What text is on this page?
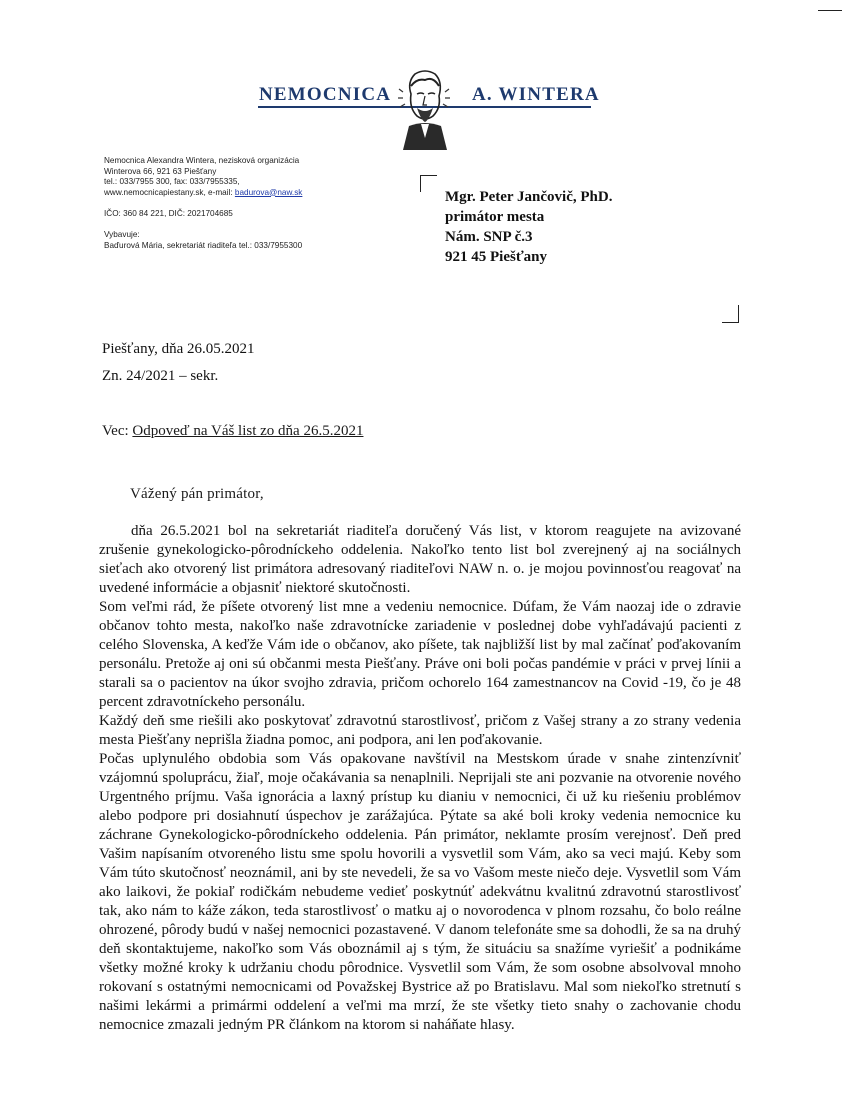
NEMOCNICA	A. WINTERA
Nemocnica Alexandra Wintera, nezisková organizácia
Winterova 66, 921 63 Piešťany
tel.: 033/7955 300, fax: 033/7955335,
www.nemocnicapiestany.sk, e-mail: badurova@naw.sk
IČO: 360 84 221, DIČ: 2021704685
Vybavuje:
Baďurová Mária, sekretariát riaditeľa tel.: 033/7955300
Mgr. Peter Jančovič, PhD.
primátor mesta
Nám. SNP č.3
921 45 Piešťany
Piešťany, dňa 26.05.2021
Zn. 24/2021 – sekr.
Vec: Odpoveď na Váš list zo dňa 26.5.2021
Vážený pán primátor,

dňa 26.5.2021 bol na sekretariát riaditeľa doručený Vás list, v ktorom reagujete na avizované zrušenie gynekologicko-pôrodníckeho oddelenia. Nakoľko tento list bol zverejnený aj na sociálnych sieťach ako otvorený list primátora adresovaný riaditeľovi NAW n. o. je mojou povinnosťou reagovať na uvedené informácie a objasniť niektoré skutočnosti.

Som veľmi rád, že píšete otvorený list mne a vedeniu nemocnice. Dúfam, že Vám naozaj ide o zdravie občanov tohto mesta, nakoľko naše zdravotnícke zariadenie v poslednej dobe vyhľadávajú pacienti z celého Slovenska, A keďže Vám ide o občanov, ako píšete, tak najbližší list by mal začínať poďakovaním personálu. Pretože aj oni sú občanmi mesta Piešťany. Práve oni boli počas pandémie v práci v prvej línii a starali sa o pacientov na úkor svojho zdravia, pričom ochorelo 164 zamestnancov na Covid -19, čo je 48 percent zdravotníckeho personálu.

Každý deň sme riešili ako poskytovať zdravotnú starostlivosť, pričom z Vašej strany a zo strany vedenia mesta Piešťany neprišla žiadna pomoc, ani podpora, ani len poďakovanie.

Počas uplynulého obdobia som Vás opakovane navštívil na Mestskom úrade v snahe zintenzívniť vzájomnú spoluprácu, žiaľ, moje očakávania sa nenaplnili. Neprijali ste ani pozvanie na otvorenie nového Urgentného príjmu. Vaša ignorácia a laxný prístup ku dianiu v nemocnici, či už ku riešeniu problémov alebo podpore pri dosiahnutí úspechov je zarážajúca. Pýtate sa aké boli kroky vedenia nemocnice ku záchrane Gynekologicko-pôrodníckeho oddelenia. Pán primátor, neklamte prosím verejnosť. Deň pred Vašim napísaním otvoreného listu sme spolu hovorili a vysvetlil som Vám, ako sa veci majú. Keby som Vám túto skutočnosť neoznámil, ani by ste nevedeli, že sa vo Vašom meste niečo deje. Vysvetlil som Vám ako laikovi, že pokiaľ rodičkám nebudeme vedieť poskytnúť adekvátnu kvalitnú zdravotnú starostlivosť tak, ako nám to káže zákon, teda starostlivosť o matku aj o novorodenca v plnom rozsahu, čo bolo reálne ohrozené, pôrody budú v našej nemocnici pozastavené. V danom telefonáte sme sa dohodli, že sa na druhý deň skontaktujeme, nakoľko som Vás oboznámil aj s tým, že situáciu sa snažíme vyriešiť a podnikáme všetky možné kroky k udržaniu chodu pôrodnice. Vysvetlil som Vám, že som osobne absolvoval mnoho rokovaní s ostatnými nemocnicami od Považskej Bystrice až po Bratislavu. Mal som niekoľko stretnutí s našimi lekármi a primármi oddelení a veľmi ma mrzí, že ste všetky tieto snahy o zachovanie chodu nemocnice zmazali jedným PR článkom na ktorom si naháňate hlasy.
